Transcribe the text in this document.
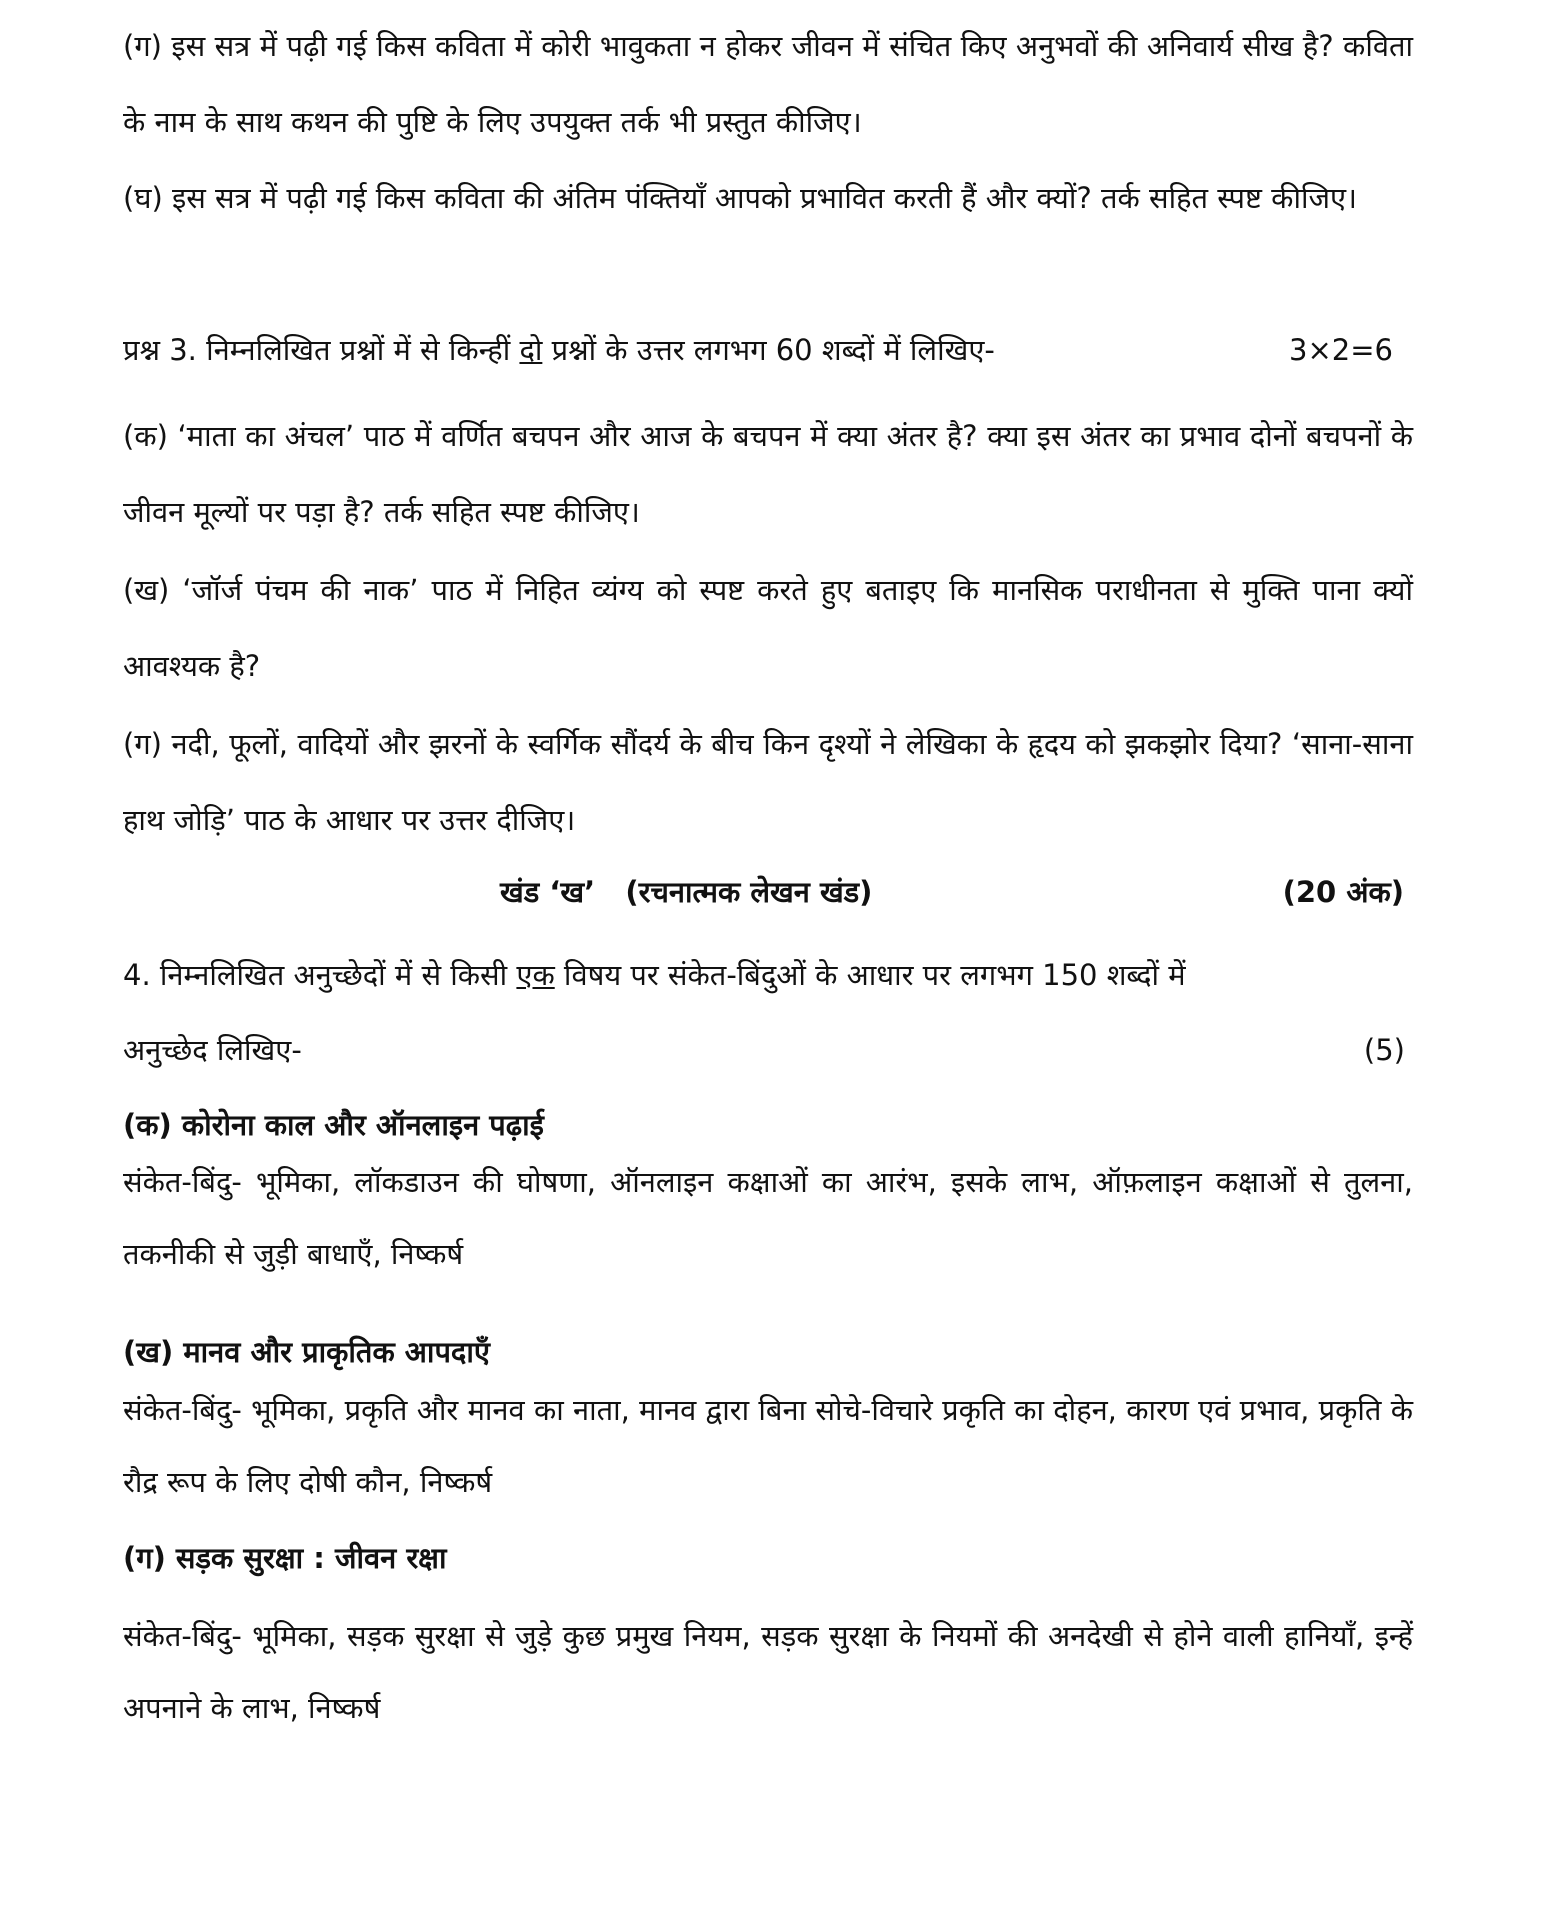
(ग) इस सत्र में पढ़ी गई किस कविता में कोरी भावुकता न होकर जीवन में संचित किए अनुभवों की अनिवार्य सीख है? कविता के नाम के साथ कथन की पुष्टि के लिए उपयुक्त तर्क भी प्रस्तुत कीजिए।

(घ) इस सत्र में पढ़ी गई किस कविता की अंतिम पंक्तियाँ आपको प्रभावित करती हैं और क्यों? तर्क सहित स्पष्ट कीजिए।

प्रश्न 3. निम्नलिखित प्रश्नों में से किन्हीं दो प्रश्नों के उत्तर लगभग 60 शब्दों में लिखिए-	3×2=6

(क) ‘माता का अंचल’ पाठ में वर्णित बचपन और आज के बचपन में क्या अंतर है? क्या इस अंतर का प्रभाव दोनों बचपनों के जीवन मूल्यों पर पड़ा है? तर्क सहित स्पष्ट कीजिए।

(ख) ‘जॉर्ज पंचम की नाक’ पाठ में निहित व्यंग्य को स्पष्ट करते हुए बताइए कि मानसिक पराधीनता से मुक्ति पाना क्यों आवश्यक है?

(ग) नदी, फूलों, वादियों और झरनों के स्वर्गिक सौंदर्य के बीच किन दृश्यों ने लेखिका के हृदय को झकझोर दिया? ‘साना-साना हाथ जोड़ि’ पाठ के आधार पर उत्तर दीजिए।

खंड ‘ख’   (रचनात्मक लेखन खंड)	(20 अंक)
4. निम्नलिखित अनुच्छेदों में से किसी एक विषय पर संकेत-बिंदुओं के आधार पर लगभग 150 शब्दों में
अनुच्छेद लिखिए-	(5)
(क) कोरोना काल और ऑनलाइन पढ़ाई

संकेत-बिंदु- भूमिका, लॉकडाउन की घोषणा, ऑनलाइन कक्षाओं का आरंभ, इसके लाभ, ऑफ़लाइन कक्षाओं से तुलना, तकनीकी से जुड़ी बाधाएँ, निष्कर्ष

(ख) मानव और प्राकृतिक आपदाएँ

संकेत-बिंदु- भूमिका, प्रकृति और मानव का नाता, मानव द्वारा बिना सोचे-विचारे प्रकृति का दोहन, कारण एवं प्रभाव, प्रकृति के रौद्र रूप के लिए दोषी कौन, निष्कर्ष

(ग) सड़क सुरक्षा : जीवन रक्षा

संकेत-बिंदु- भूमिका, सड़क सुरक्षा से जुड़े कुछ प्रमुख नियम, सड़क सुरक्षा के नियमों की अनदेखी से होने वाली हानियाँ, इन्हें अपनाने के लाभ, निष्कर्ष
